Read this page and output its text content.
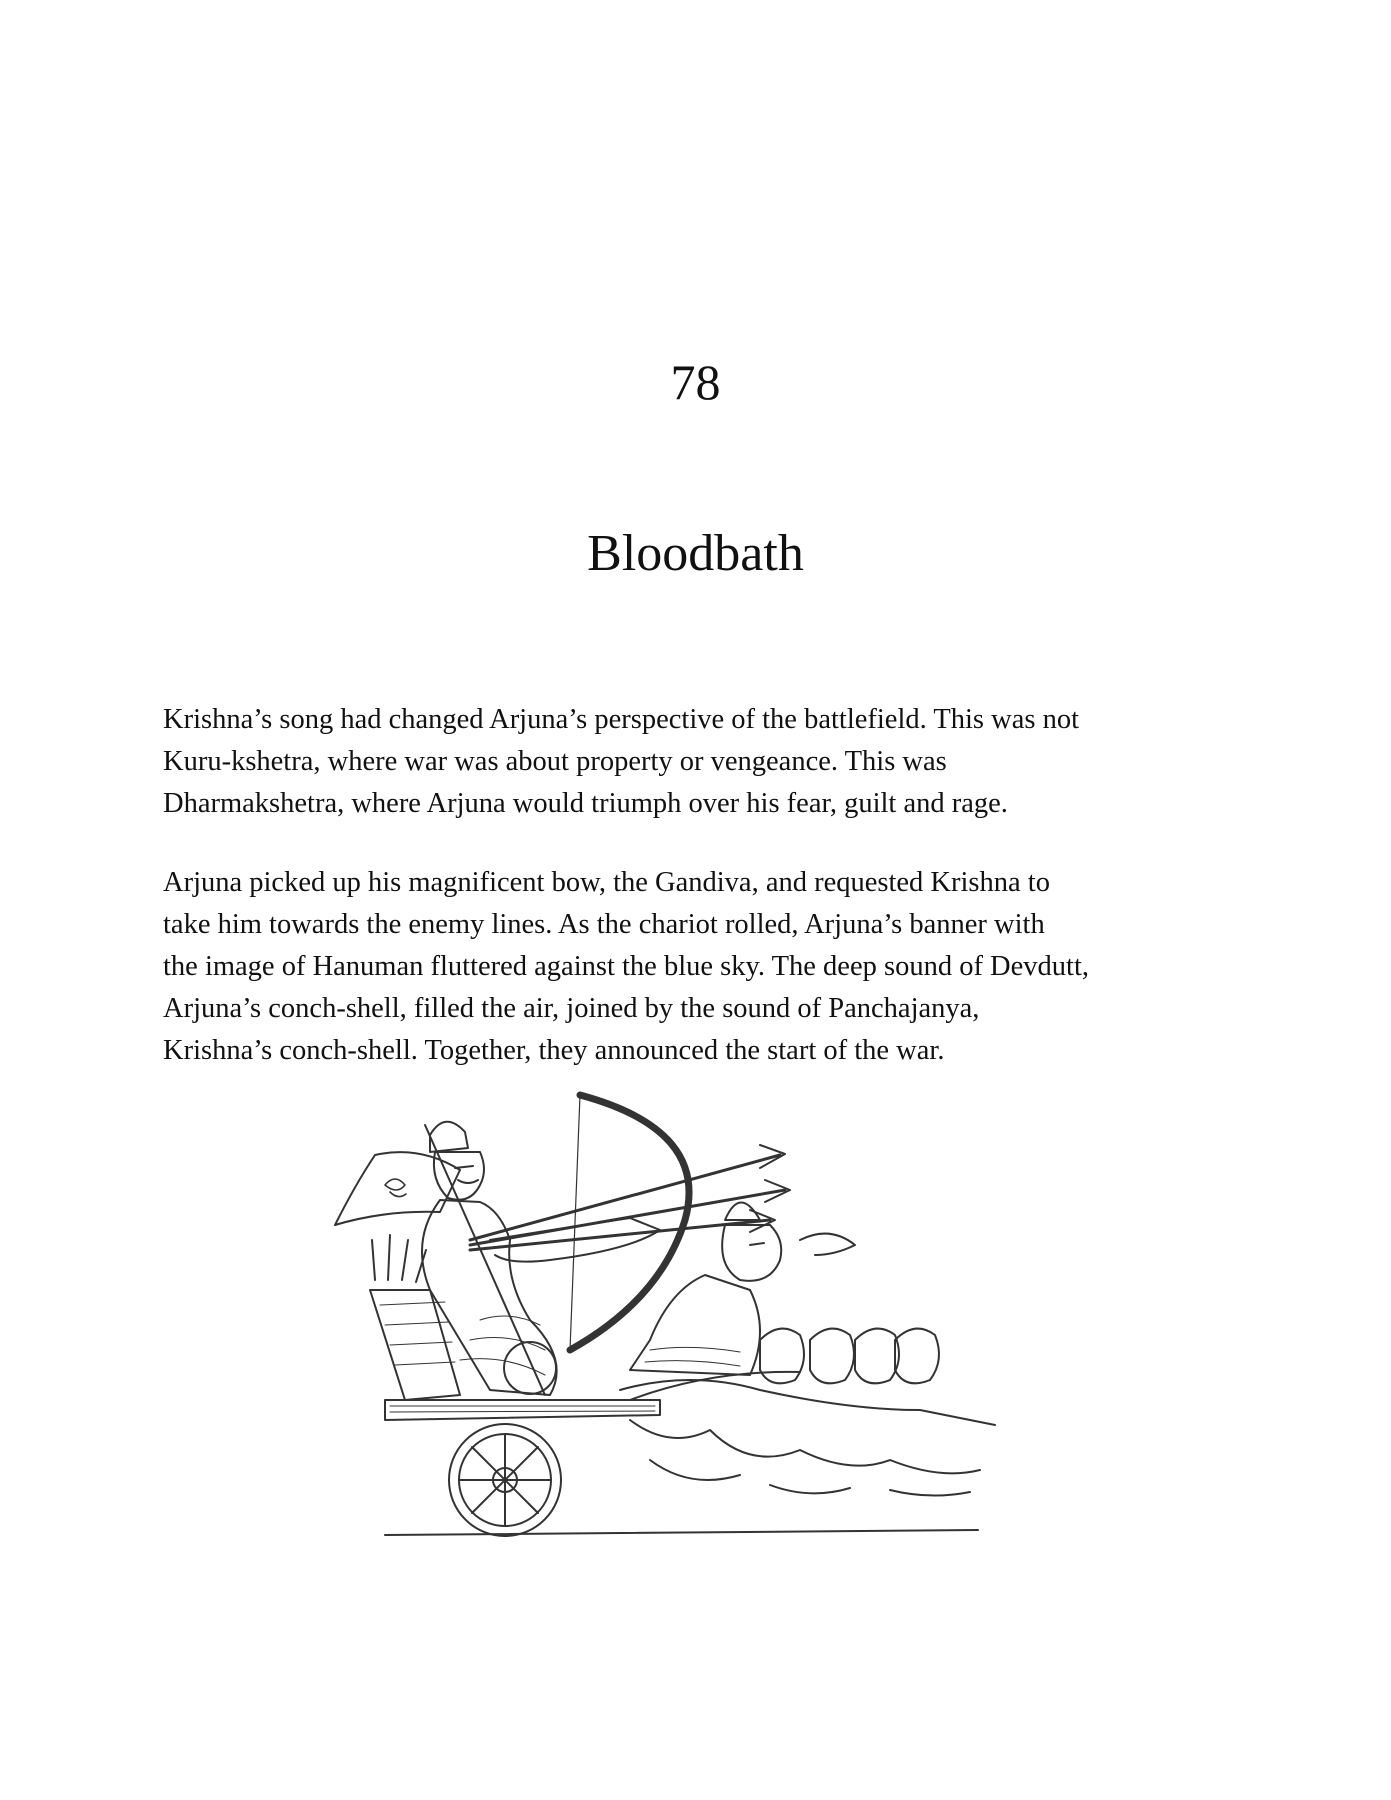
78
Bloodbath

Krishna’s song had changed Arjuna’s perspective of the battlefield. This was not
Kuru-kshetra, where war was about property or vengeance. This was
Dharmakshetra, where Arjuna would triumph over his fear, guilt and rage.

Arjuna picked up his magnificent bow, the Gandiva, and requested Krishna to
take him towards the enemy lines. As the chariot rolled, Arjuna’s banner with
the image of Hanuman fluttered against the blue sky. The deep sound of Devdutt,
Arjuna’s conch-shell, filled the air, joined by the sound of Panchajanya,
Krishna’s conch-shell. Together, they announced the start of the war.
